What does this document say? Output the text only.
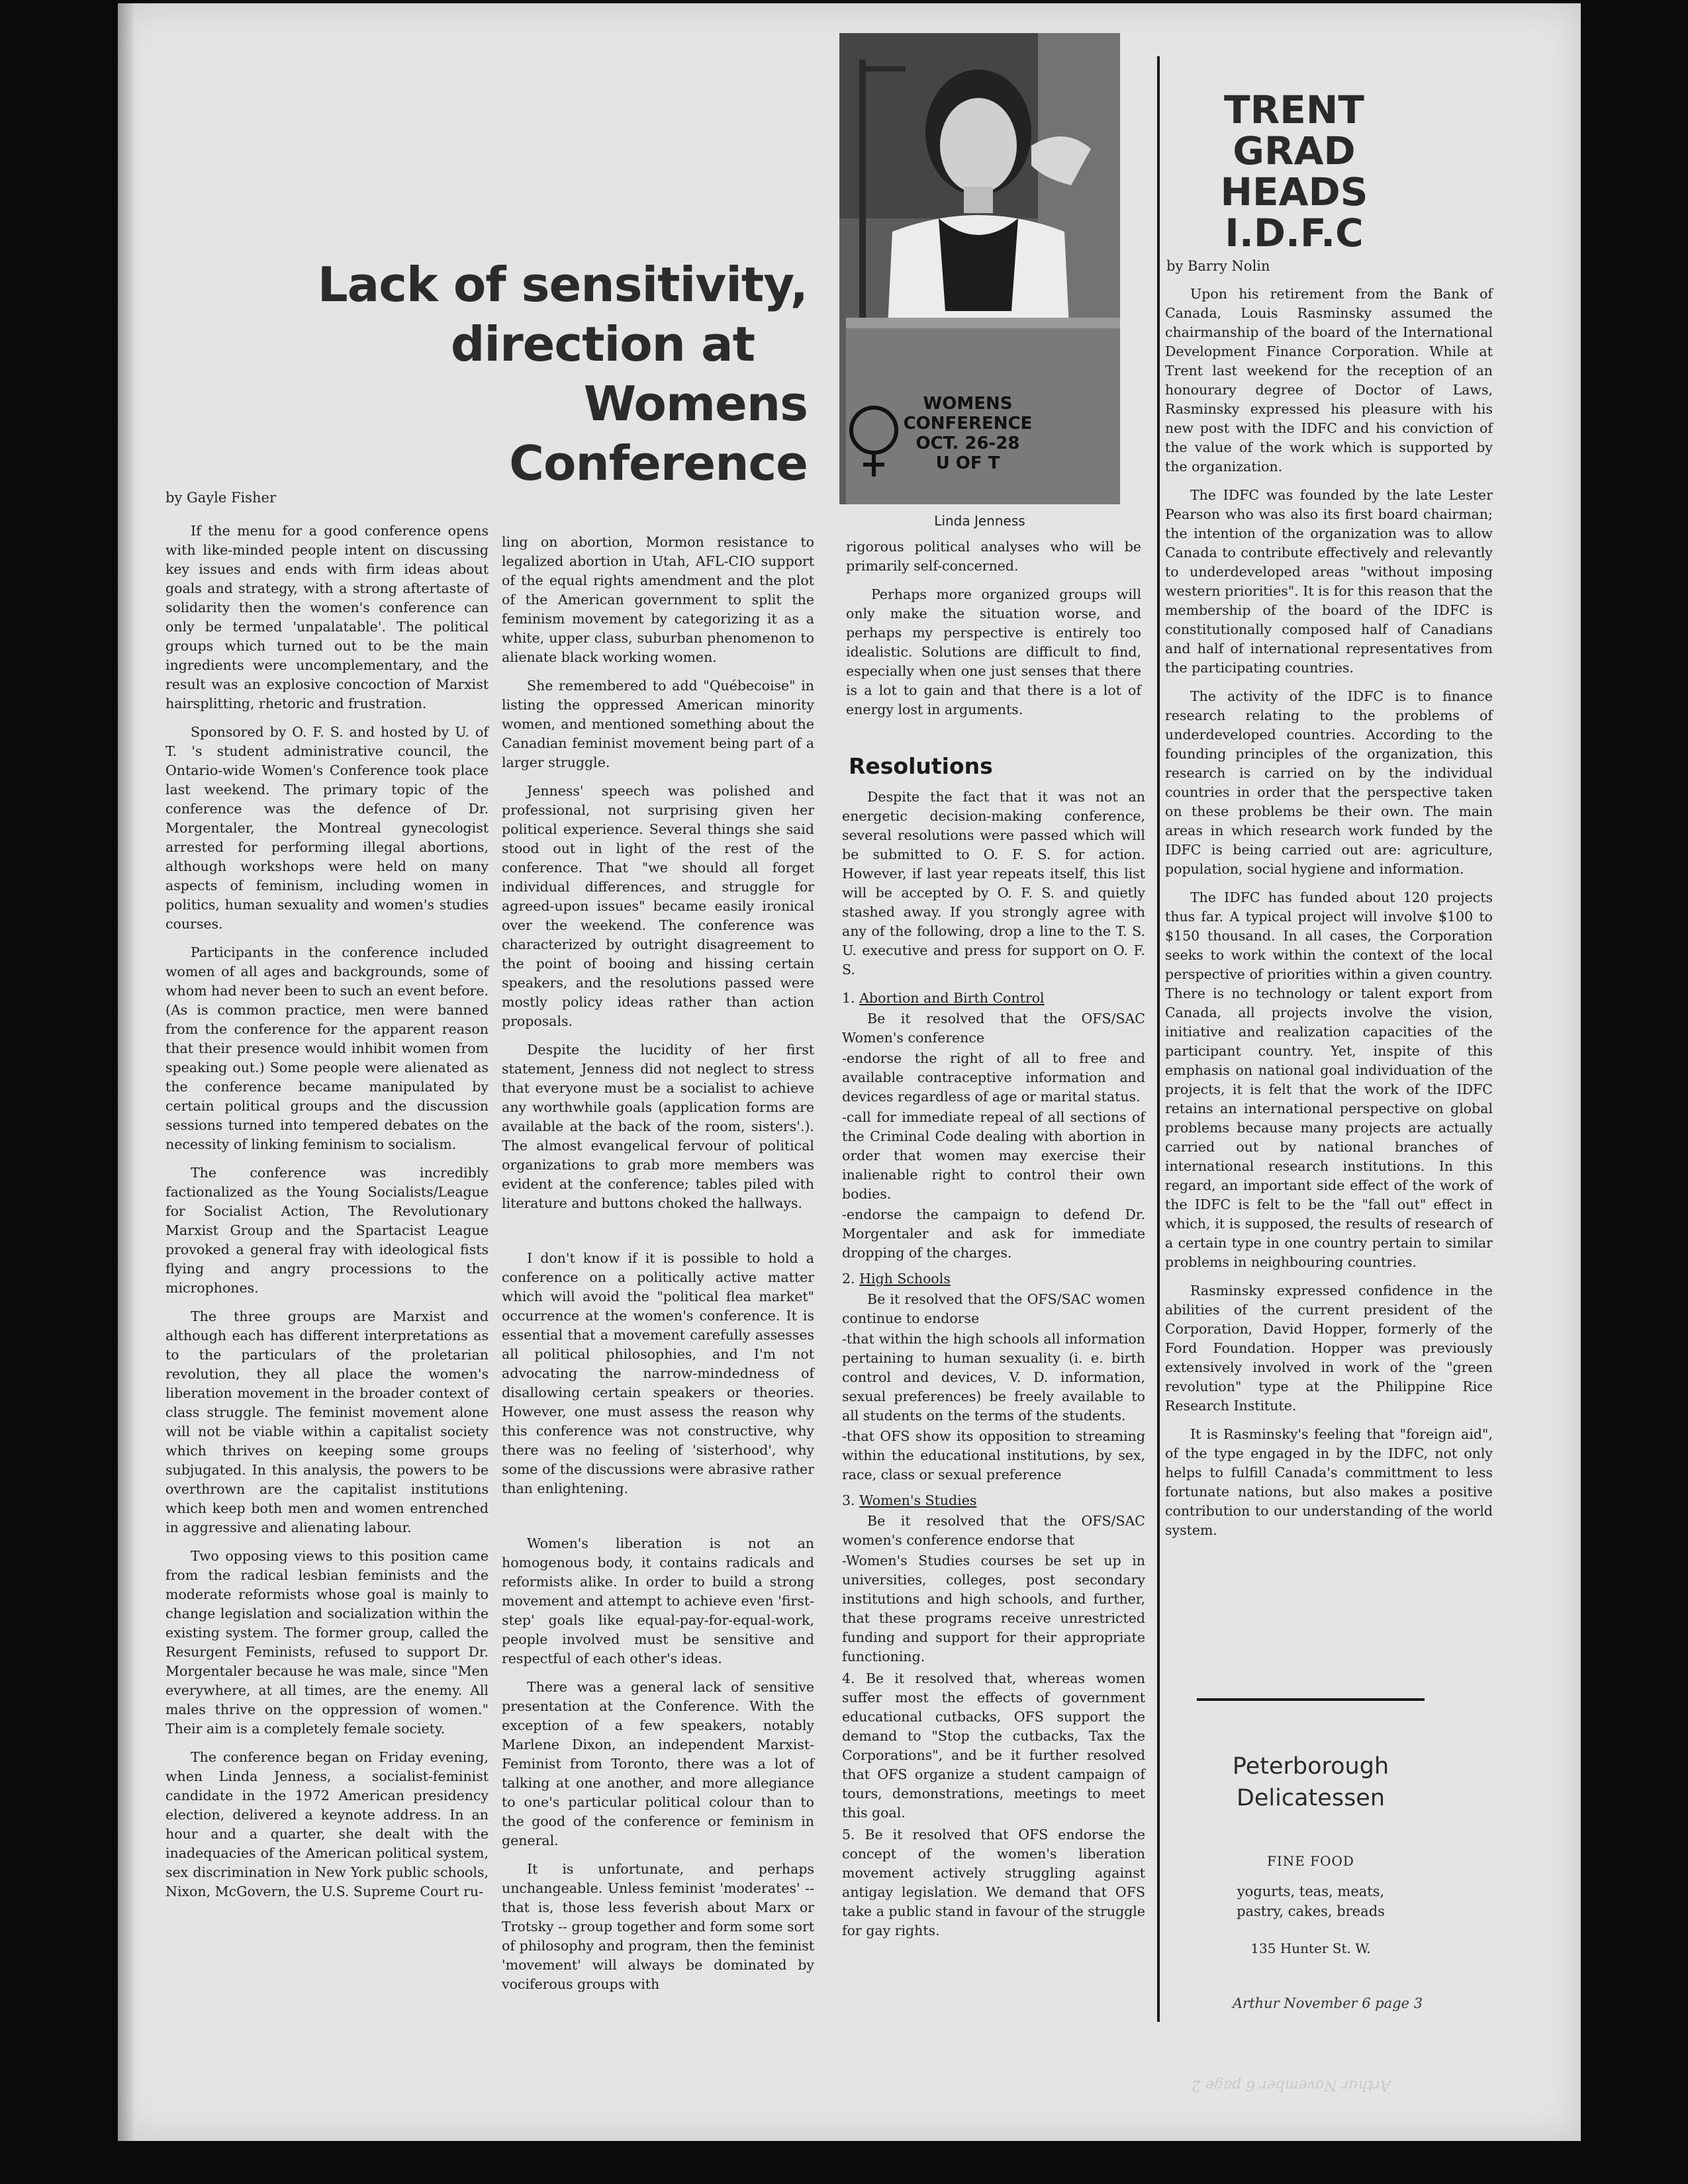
Lack of sensitivity,
direction at
Womens Conference
by Gayle Fisher

If the menu for a good conference opens with like-minded people intent on discussing key issues and ends with firm ideas about goals and strategy, with a strong aftertaste of solidarity then the women's conference can only be termed 'unpalatable'. The political groups which turned out to be the main ingredients were uncomplementary, and the result was an explosive concoction of Marxist hairsplitting, rhetoric and frustration.

Sponsored by O. F. S. and hosted by U. of T. 's student administrative council, the Ontario-wide Women's Conference took place last weekend. The primary topic of the conference was the defence of Dr. Morgentaler, the Montreal gynecologist arrested for performing illegal abortions, although workshops were held on many aspects of feminism, including women in politics, human sexuality and women's studies courses.

Participants in the conference included women of all ages and backgrounds, some of whom had never been to such an event before. (As is common practice, men were banned from the conference for the apparent reason that their presence would inhibit women from speaking out.) Some people were alienated as the conference became manipulated by certain political groups and the discussion sessions turned into tempered debates on the necessity of linking feminism to socialism.

The conference was incredibly factionalized as the Young Socialists/League for Socialist Action, The Revolutionary Marxist Group and the Spartacist League provoked a general fray with ideological fists flying and angry processions to the microphones.

The three groups are Marxist and although each has different interpretations as to the particulars of the proletarian revolution, they all place the women's liberation movement in the broader context of class struggle. The feminist movement alone will not be viable within a capitalist society which thrives on keeping some groups subjugated. In this analysis, the powers to be overthrown are the capitalist institutions which keep both men and women entrenched in aggressive and alienating labour.

Two opposing views to this position came from the radical lesbian feminists and the moderate reformists whose goal is mainly to change legislation and socialization within the existing system. The former group, called the Resurgent Feminists, refused to support Dr. Morgentaler because he was male, since "Men everywhere, at all times, are the enemy. All males thrive on the oppression of women." Their aim is a completely female society.

The conference began on Friday evening, when Linda Jenness, a socialist-feminist candidate in the 1972 American presidency election, delivered a keynote address. In an hour and a quarter, she dealt with the inadequacies of the American political system, sex discrimination in New York public schools, Nixon, McGovern, the U.S. Supreme Court ru-

ling on abortion, Mormon resistance to legalized abortion in Utah, AFL-CIO support of the equal rights amendment and the plot of the American government to split the feminism movement by categorizing it as a white, upper class, suburban phenomenon to alienate black working women.

She remembered to add "Québecoise" in listing the oppressed American minority women, and mentioned something about the Canadian feminist movement being part of a larger struggle.

Jenness' speech was polished and professional, not surprising given her political experience. Several things she said stood out in light of the rest of the conference. That "we should all forget individual differences, and struggle for agreed-upon issues" became easily ironical over the weekend. The conference was characterized by outright disagreement to the point of booing and hissing certain speakers, and the resolutions passed were mostly policy ideas rather than action proposals.

Despite the lucidity of her first statement, Jenness did not neglect to stress that everyone must be a socialist to achieve any worthwhile goals (application forms are available at the back of the room, sisters'.). The almost evangelical fervour of political organizations to grab more members was evident at the conference; tables piled with literature and buttons choked the hallways.

I don't know if it is possible to hold a conference on a politically active matter which will avoid the "political flea market" occurrence at the women's conference. It is essential that a movement carefully assesses all political philosophies, and I'm not advocating the narrow-mindedness of disallowing certain speakers or theories. However, one must assess the reason why this conference was not constructive, why there was no feeling of 'sisterhood', why some of the discussions were abrasive rather than enlightening.

Women's liberation is not an homogenous body, it contains radicals and reformists alike. In order to build a strong movement and attempt to achieve even 'first-step' goals like equal-pay-for-equal-work, people involved must be sensitive and respectful of each other's ideas.

There was a general lack of sensitive presentation at the Conference. With the exception of a few speakers, notably Marlene Dixon, an independent Marxist-Feminist from Toronto, there was a lot of talking at one another, and more allegiance to one's particular political colour than to the good of the conference or feminism in general.

It is unfortunate, and perhaps unchangeable. Unless feminist 'moderates' -- that is, those less feverish about Marx or Trotsky -- group together and form some sort of philosophy and program, then the feminist 'movement' will always be dominated by vociferous groups with

WOMENS
CONFERENCE
OCT. 26-28
U OF T
Linda Jenness

rigorous political analyses who will be primarily self-concerned.

Perhaps more organized groups will only make the situation worse, and perhaps my perspective is entirely too idealistic. Solutions are difficult to find, especially when one just senses that there is a lot to gain and that there is a lot of energy lost in arguments.

Resolutions

Despite the fact that it was not an energetic decision-making conference, several resolutions were passed which will be submitted to O. F. S. for action. However, if last year repeats itself, this list will be accepted by O. F. S. and quietly stashed away. If you strongly agree with any of the following, drop a line to the T. S. U. executive and press for support on O. F. S.

1. Abortion and Birth Control

Be it resolved that the OFS/SAC Women's conference

-endorse the right of all to free and available contraceptive information and devices regardless of age or marital status.
-call for immediate repeal of all sections of the Criminal Code dealing with abortion in order that women may exercise their inalienable right to control their own bodies.
-endorse the campaign to defend Dr. Morgentaler and ask for immediate dropping of the charges.
2. High Schools

Be it resolved that the OFS/SAC women continue to endorse

-that within the high schools all information pertaining to human sexuality (i. e. birth control and devices, V. D. information, sexual preferences) be freely available to all students on the terms of the students.
-that OFS show its opposition to streaming within the educational institutions, by sex, race, class or sexual preference
3. Women's Studies

Be it resolved that the OFS/SAC women's conference endorse that

-Women's Studies courses be set up in universities, colleges, post secondary institutions and high schools, and further, that these programs receive unrestricted funding and support for their appropriate functioning.
4. Be it resolved that, whereas women suffer most the effects of government educational cutbacks, OFS support the demand to "Stop the cutbacks, Tax the Corporations", and be it further resolved that OFS organize a student campaign of tours, demonstrations, meetings to meet this goal.
5. Be it resolved that OFS endorse the concept of the women's liberation movement actively struggling against antigay legislation. We demand that OFS take a public stand in favour of the struggle for gay rights.
TRENT GRAD
HEADS
I.D.F.C
by Barry Nolin

Upon his retirement from the Bank of Canada, Louis Rasminsky assumed the chairmanship of the board of the International Development Finance Corporation. While at Trent last weekend for the reception of an honourary degree of Doctor of Laws, Rasminsky expressed his pleasure with his new post with the IDFC and his conviction of the value of the work which is supported by the organization.

The IDFC was founded by the late Lester Pearson who was also its first board chairman; the intention of the organization was to allow Canada to contribute effectively and relevantly to underdeveloped areas "without imposing western priorities". It is for this reason that the membership of the board of the IDFC is constitutionally composed half of Canadians and half of international representatives from the participating countries.

The activity of the IDFC is to finance research relating to the problems of underdeveloped countries. According to the founding principles of the organization, this research is carried on by the individual countries in order that the perspective taken on these problems be their own. The main areas in which research work funded by the IDFC is being carried out are: agriculture, population, social hygiene and information.

The IDFC has funded about 120 projects thus far. A typical project will involve $100 to $150 thousand. In all cases, the Corporation seeks to work within the context of the local perspective of priorities within a given country. There is no technology or talent export from Canada, all projects involve the vision, initiative and realization capacities of the participant country. Yet, inspite of this emphasis on national goal individuation of the projects, it is felt that the work of the IDFC retains an international perspective on global problems because many projects are actually carried out by national branches of international research institutions. In this regard, an important side effect of the work of the IDFC is felt to be the "fall out" effect in which, it is supposed, the results of research of a certain type in one country pertain to similar problems in neighbouring countries.

Rasminsky expressed confidence in the abilities of the current president of the Corporation, David Hopper, formerly of the Ford Foundation. Hopper was previously extensively involved in work of the "green revolution" type at the Philippine Rice Research Institute.

It is Rasminsky's feeling that "foreign aid", of the type engaged in by the IDFC, not only helps to fulfill Canada's committment to less fortunate nations, but also makes a positive contribution to our understanding of the world system.

Peterborough
Delicatessen
FINE FOOD
yogurts, teas, meats,
pastry, cakes, breads
135 Hunter St. W.
Arthur November 6 page 3
Arthur November 6 page 2
